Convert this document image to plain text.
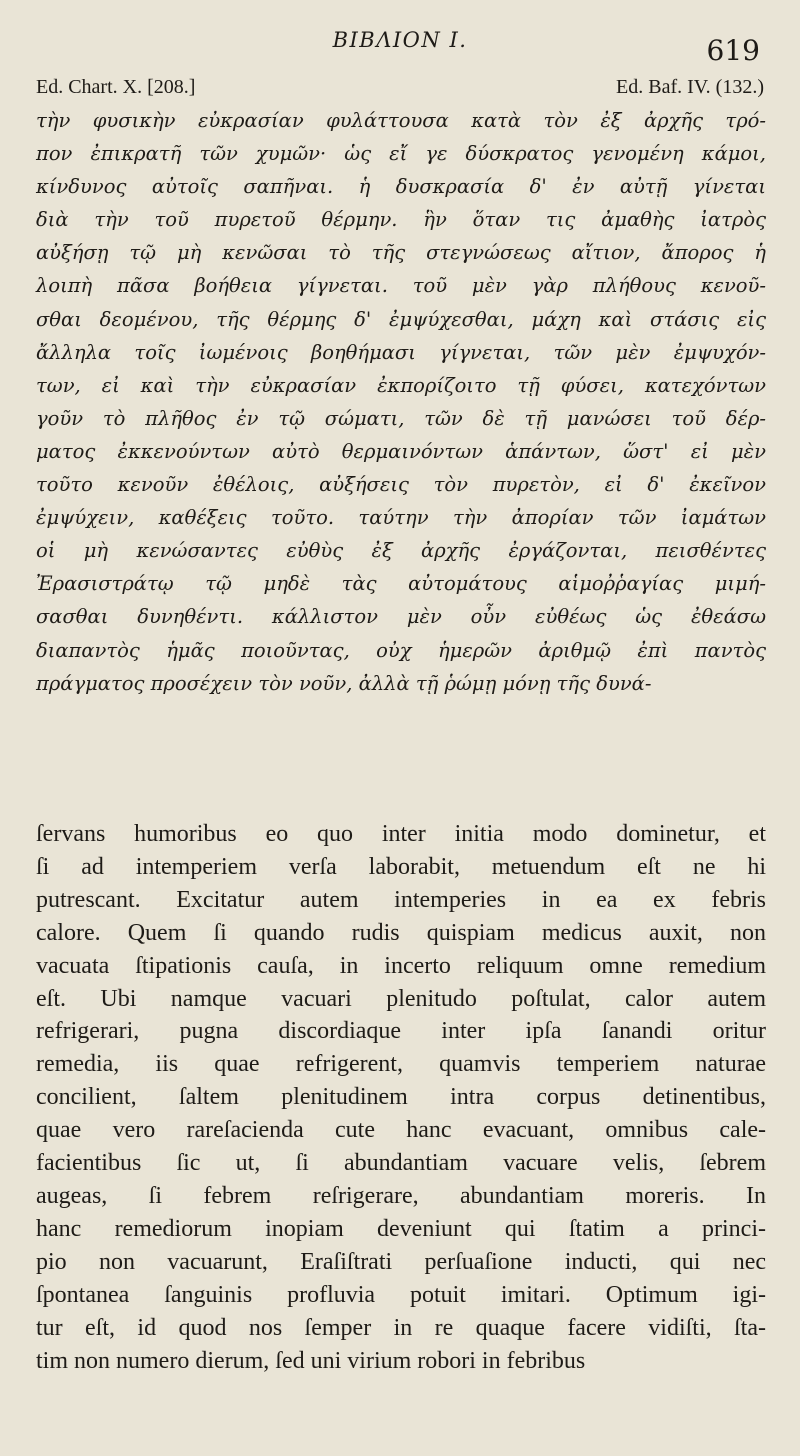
ΒΙΒΛΙΟΝ Ι.	619
Ed. Chart. X. [208.]	Ed. Baf. IV. (132.)
τὴν φυσικὴν εὐκρασίαν φυλάττουσα κατὰ τὸν ἐξ ἀρχῆς τρό-
πον ἐπικρατῆ τῶν χυμῶν· ὡς εἴ γε δύσκρατος γενομένη κάμοι,
κίνδυνος αὐτοῖς σαπῆναι. ἡ δυσκρασία δ' ἐν αὐτῇ γίνεται
διὰ τὴν τοῦ πυρετοῦ θέρμην. ἣν ὅταν τις ἀμαθὴς ἰατρὸς
αὐξήσῃ τῷ μὴ κενῶσαι τὸ τῆς στεγνώσεως αἴτιον, ἄπορος ἡ
λοιπὴ πᾶσα βοήθεια γίγνεται. τοῦ μὲν γὰρ πλήθους κενοῦ-
σθαι δεομένου, τῆς θέρμης δ' ἐμψύχεσθαι, μάχη καὶ στάσις εἰς
ἄλληλα τοῖς ἰωμένοις βοηθήμασι γίγνεται, τῶν μὲν ἐμψυχόν-
των, εἰ καὶ τὴν εὐκρασίαν ἐκπορίζοιτο τῇ φύσει, κατεχόντων
γοῦν τὸ πλῆθος ἐν τῷ σώματι, τῶν δὲ τῇ μανώσει τοῦ δέρ-
ματος ἐκκενούντων αὐτὸ θερμαινόντων ἁπάντων, ὥστ' εἰ μὲν
τοῦτο κενοῦν ἐθέλοις, αὐξήσεις τὸν πυρετὸν, εἰ δ' ἐκεῖνον
ἐμψύχειν, καθέξεις τοῦτο. ταύτην τὴν ἀπορίαν τῶν ἰαμάτων
οἱ μὴ κενώσαντες εὐθὺς ἐξ ἀρχῆς ἐργάζονται, πεισθέντες
Ἐρασιστράτῳ τῷ μηδὲ τὰς αὐτομάτους αἱμοῤῥαγίας μιμή-
σασθαι δυνηθέντι. κάλλιστον μὲν οὖν εὐθέως ὡς ἐθεάσω
διαπαντὸς ἡμᾶς ποιοῦντας, οὐχ ἡμερῶν ἀριθμῷ ἐπὶ παντὸς
πράγματος προσέχειν τὸν νοῦν, ἀλλὰ τῇ ῥώμῃ μόνῃ τῆς δυνά-
ſervans humoribus eo quo inter initia modo dominetur, et
ſi ad intemperiem verſa laborabit, metuendum eſt ne hi
putrescant. Excitatur autem intemperies in ea ex febris
calore. Quem ſi quando rudis quispiam medicus auxit, non
vacuata ſtipationis cauſa, in incerto reliquum omne remedium
eſt. Ubi namque vacuari plenitudo poſtulat, calor autem
refrigerari, pugna discordiaque inter ipſa ſanandi oritur
remedia, iis quae refrigerent, quamvis temperiem naturae
concilient, ſaltem plenitudinem intra corpus detinentibus,
quae vero rareſacienda cute hanc evacuant, omnibus cale-
facientibus ſic ut, ſi abundantiam vacuare velis, ſebrem
augeas, ſi febrem reſrigerare, abundantiam moreris. In
hanc remediorum inopiam deveniunt qui ſtatim a princi-
pio non vacuarunt, Eraſiſtrati perſuaſione inducti, qui nec
ſpontanea ſanguinis profluvia potuit imitari. Optimum igi-
tur eſt, id quod nos ſemper in re quaque facere vidiſti, ſta-
tim non numero dierum, ſed uni virium robori in febribus
